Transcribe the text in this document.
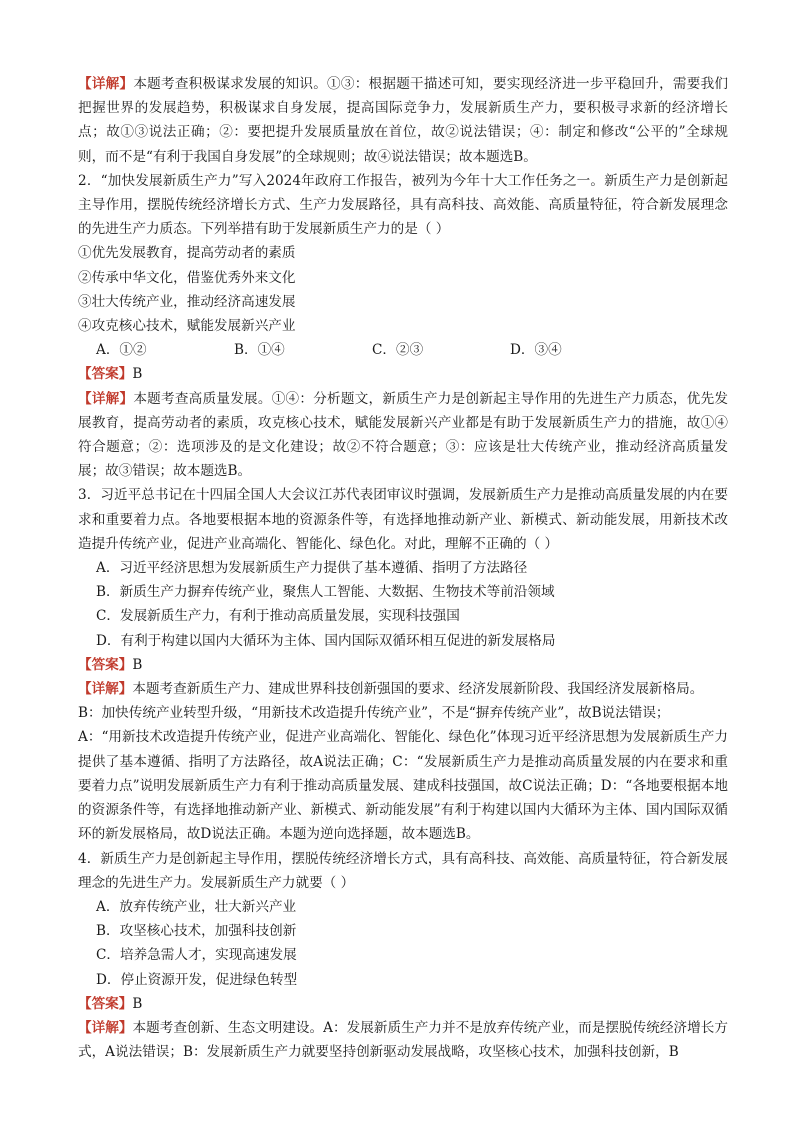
【详解】本题考查积极谋求发展的知识。①③：根据题干描述可知，要实现经济进一步平稳回升，需要我们把握世界的发展趋势，积极谋求自身发展，提高国际竞争力，发展新质生产力，要积极寻求新的经济增长点；故①③说法正确；②：要把提升发展质量放在首位，故②说法错误；④：制定和修改“公平的”全球规则，而不是“有利于我国自身发展”的全球规则；故④说法错误；故本题选B。
2．“加快发展新质生产力”写入2024年政府工作报告，被列为今年十大工作任务之一。新质生产力是创新起主导作用，摆脱传统经济增长方式、生产力发展路径，具有高科技、高效能、高质量特征，符合新发展理念的先进生产力质态。下列举措有助于发展新质生产力的是（ ）
①优先发展教育，提高劳动者的素质
②传承中华文化，借鉴优秀外来文化
③壮大传统产业，推动经济高速发展
④攻克核心技术，赋能发展新兴产业
A．①②	B．①④	C．②③	D．③④
【答案】B
【详解】本题考查高质量发展。①④：分析题文，新质生产力是创新起主导作用的先进生产力质态，优先发展教育，提高劳动者的素质，攻克核心技术，赋能发展新兴产业都是有助于发展新质生产力的措施，故①④符合题意；②：选项涉及的是文化建设；故②不符合题意；③：应该是壮大传统产业，推动经济高质量发展；故③错误；故本题选B。
3．习近平总书记在十四届全国人大会议江苏代表团审议时强调，发展新质生产力是推动高质量发展的内在要求和重要着力点。各地要根据本地的资源条件等，有选择地推动新产业、新模式、新动能发展，用新技术改造提升传统产业，促进产业高端化、智能化、绿色化。对此，理解不正确的（ ）
A．习近平经济思想为发展新质生产力提供了基本遵循、指明了方法路径
B．新质生产力摒弃传统产业，聚焦人工智能、大数据、生物技术等前沿领域
C．发展新质生产力，有利于推动高质量发展，实现科技强国
D．有利于构建以国内大循环为主体、国内国际双循环相互促进的新发展格局
【答案】B
【详解】本题考查新质生产力、建成世界科技创新强国的要求、经济发展新阶段、我国经济发展新格局。
B：加快传统产业转型升级，“用新技术改造提升传统产业”，不是“摒弃传统产业”，故B说法错误；
A：“用新技术改造提升传统产业，促进产业高端化、智能化、绿色化”体现习近平经济思想为发展新质生产力提供了基本遵循、指明了方法路径，故A说法正确；C：“发展新质生产力是推动高质量发展的内在要求和重要着力点”说明发展新质生产力有利于推动高质量发展、建成科技强国，故C说法正确；D：“各地要根据本地的资源条件等，有选择地推动新产业、新模式、新动能发展”有利于构建以国内大循环为主体、国内国际双循环的新发展格局，故D说法正确。本题为逆向选择题，故本题选B。
4．新质生产力是创新起主导作用，摆脱传统经济增长方式，具有高科技、高效能、高质量特征，符合新发展理念的先进生产力。发展新质生产力就要（ ）
A．放弃传统产业，壮大新兴产业
B．攻坚核心技术，加强科技创新
C．培养急需人才，实现高速发展
D．停止资源开发，促进绿色转型
【答案】B
【详解】本题考查创新、生态文明建设。A：发展新质生产力并不是放弃传统产业，而是摆脱传统经济增长方式，A说法错误；B：发展新质生产力就要坚持创新驱动发展战略，攻坚核心技术，加强科技创新，B
